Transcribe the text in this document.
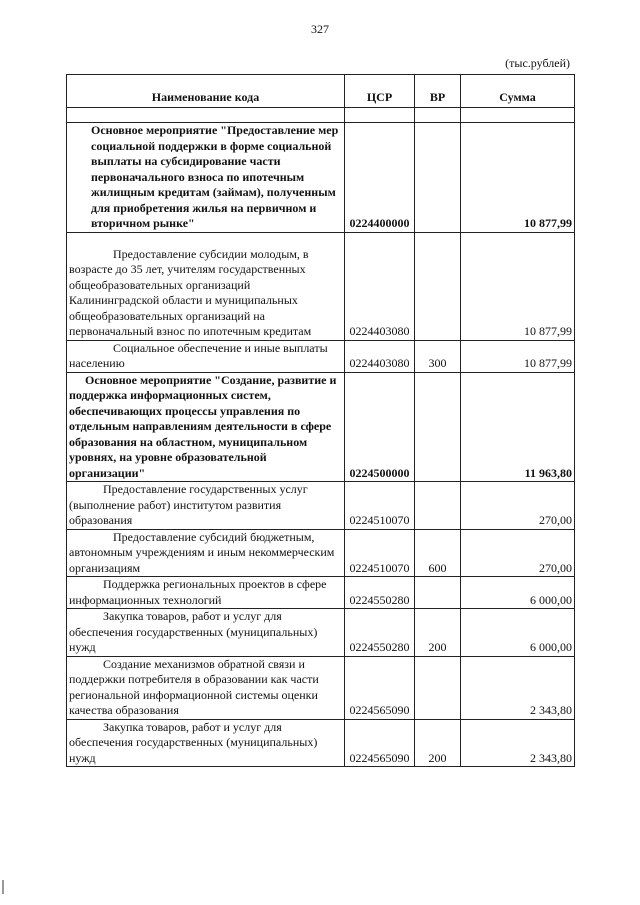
327
(тыс.рублей)
Наименование кода	ЦСР	ВР	Сумма

Основное мероприятие "Предоставление мер социальной поддержки в форме социальной выплаты на субсидирование части первоначального взноса по ипотечным жилищным кредитам (займам), полученным для приобретения жилья на первичном и вторичном рынке"	0224400000		10 877,99
Предоставление субсидии молодым, в возрасте до 35 лет, учителям государственных общеобразовательных организаций Калининградской области и муниципальных общеобразовательных организаций на первоначальный взнос по ипотечным кредитам	0224403080		10 877,99
Социальное обеспечение и иные выплаты населению	0224403080	300	10 877,99
Основное мероприятие "Создание, развитие и поддержка информационных систем, обеспечивающих процессы управления по отдельным направлениям деятельности в сфере образования на областном, муниципальном уровнях, на уровне образовательной организации"	0224500000		11 963,80
Предоставление государственных услуг (выполнение работ) институтом развития образования	0224510070		270,00
Предоставление субсидий бюджетным, автономным учреждениям и иным некоммерческим организациям	0224510070	600	270,00
Поддержка региональных проектов в сфере информационных технологий	0224550280		6 000,00
Закупка товаров, работ и услуг для обеспечения государственных (муниципальных) нужд	0224550280	200	6 000,00
Создание механизмов обратной связи и поддержки потребителя в образовании как части региональной информационной системы оценки качества образования	0224565090		2 343,80
Закупка товаров, работ и услуг для обеспечения государственных (муниципальных) нужд	0224565090	200	2 343,80
